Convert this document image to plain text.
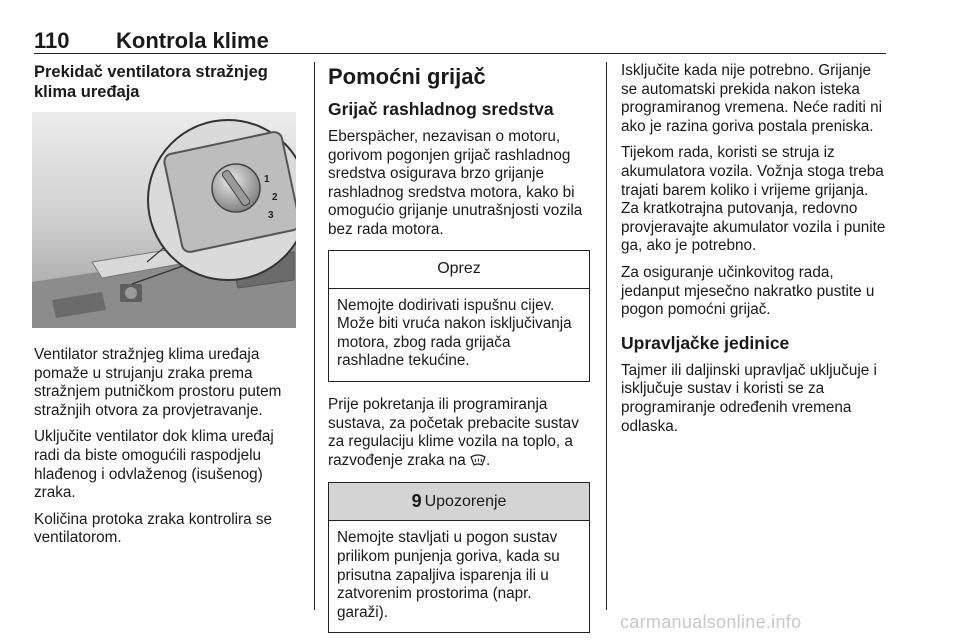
110 Kontrola klime
Prekidač ventilatora stražnjeg klima uređaja
1
2
3

Ventilator stražnjeg klima uređaja pomaže u strujanju zraka prema stražnjem putničkom prostoru putem stražnjih otvora za provjetravanje.

Uključite ventilator dok klima uređaj radi da biste omogućili raspodjelu hlađenog i odvlaženog (isušenog) zraka.

Količina protoka zraka kontrolira se ventilatorom.

Pomoćni grijač
Grijač rashladnog sredstva

Eberspächer, nezavisan o motoru, gorivom pogonjen grijač rashladnog sredstva osigurava brzo grijanje rashladnog sredstva motora, kako bi omogućio grijanje unutrašnjosti vozila bez rada motora.

Oprez

Nemojte dodirivati ispušnu cijev. Može biti vruća nakon isključivanja motora, zbog rada grijača rashladne tekućine.

Prije pokretanja ili programiranja sustava, za početak prebacite sustav za regulaciju klime vozila na toplo, a razvođenje zraka na .

9 Upozorenje

Nemojte stavljati u pogon sustav prilikom punjenja goriva, kada su prisutna zapaljiva isparenja ili u zatvorenim prostorima (napr. garaži).

Isključite kada nije potrebno. Grijanje se automatski prekida nakon isteka programiranog vremena. Neće raditi ni ako je razina goriva postala preniska.

Tijekom rada, koristi se struja iz akumulatora vozila. Vožnja stoga treba trajati barem koliko i vrijeme grijanja. Za kratkotrajna putovanja, redovno provjeravajte akumulator vozila i punite ga, ako je potrebno.

Za osiguranje učinkovitog rada, jedanput mjesečno nakratko pustite u pogon pomoćni grijač.

Upravljačke jedinice

Tajmer ili daljinski upravljač uključuje i isključuje sustav i koristi se za programiranje određenih vremena odlaska.

carmanualsonline.info
